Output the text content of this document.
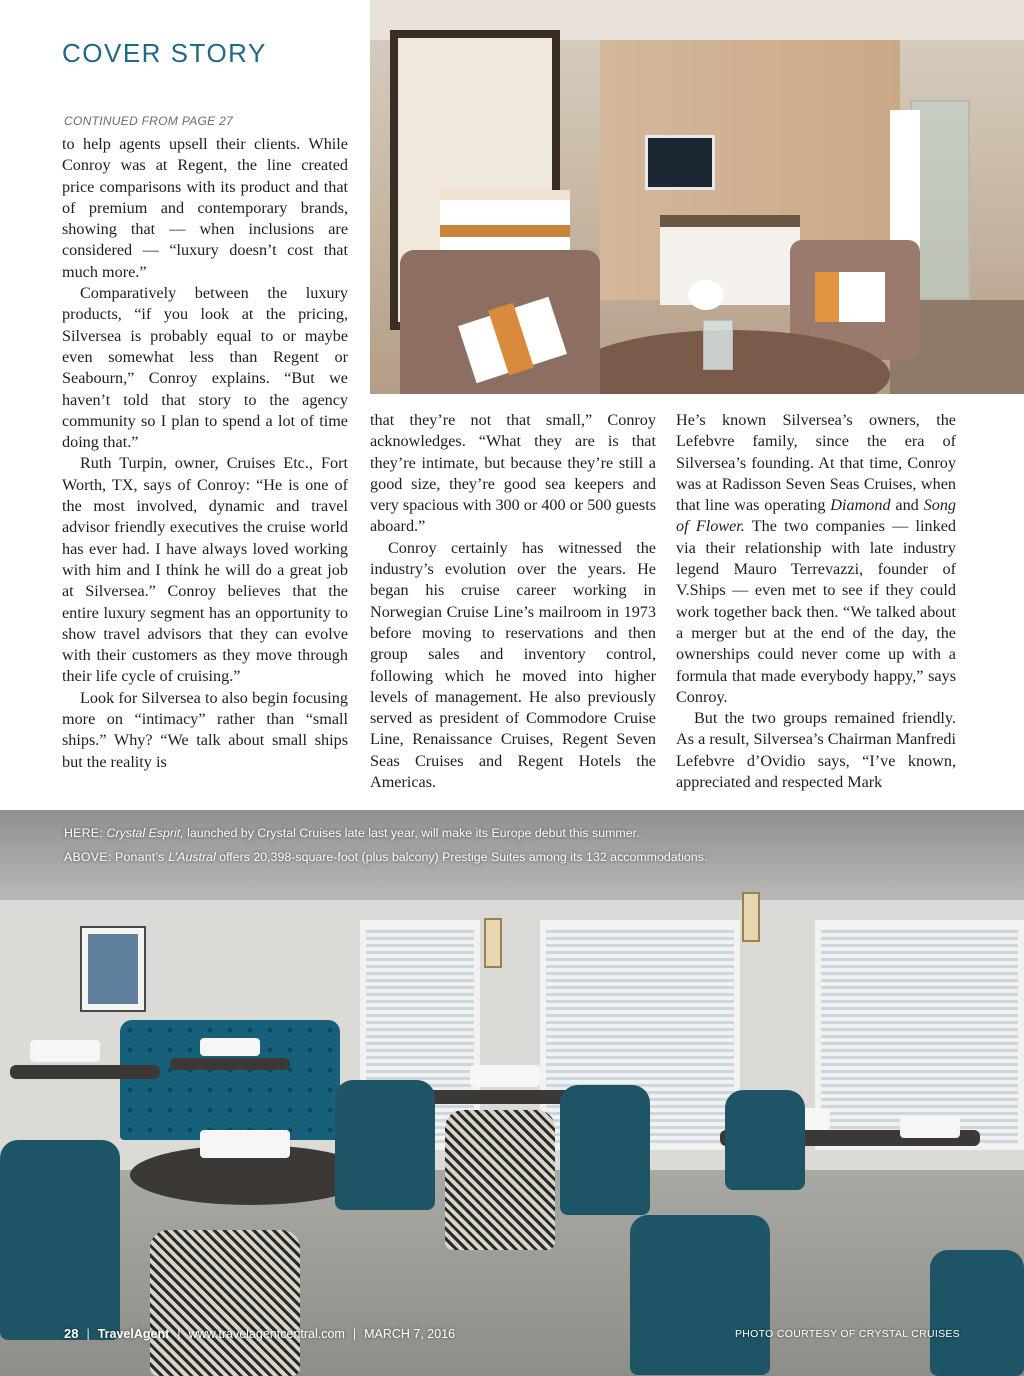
COVER STORY
CONTINUED FROM PAGE 27

to help agents upsell their clients. While Conroy was at Regent, the line created price comparisons with its product and that of premium and contemporary brands, showing that — when inclusions are considered — “luxury doesn’t cost that much more.”

Comparatively between the luxury products, “if you look at the pricing, Silversea is probably equal to or maybe even somewhat less than Regent or Seabourn,” Conroy explains. “But we haven’t told that story to the agency community so I plan to spend a lot of time doing that.”

Ruth Turpin, owner, Cruises Etc., Fort Worth, TX, says of Conroy: “He is one of the most involved, dynamic and travel advisor friendly executives the cruise world has ever had. I have always loved working with him and I think he will do a great job at Silversea.” Conroy believes that the entire luxury segment has an opportunity to show travel advisors that they can evolve with their customers as they move through their life cycle of cruising.”

Look for Silversea to also begin focusing more on “intimacy” rather than “small ships.” Why? “We talk about small ships but the reality is

that they’re not that small,” Conroy acknowledges. “What they are is that they’re intimate, but because they’re still a good size, they’re good sea keepers and very spacious with 300 or 400 or 500 guests aboard.”

Conroy certainly has witnessed the industry’s evolution over the years. He began his cruise career working in Norwegian Cruise Line’s mailroom in 1973 before moving to reservations and then group sales and inventory control, following which he moved into higher levels of management. He also previously served as president of Commodore Cruise Line, Renaissance Cruises, Regent Seven Seas Cruises and Regent Hotels the Americas.

He’s known Silversea’s owners, the Lefebvre family, since the era of Silversea’s founding. At that time, Conroy was at Radisson Seven Seas Cruises, when that line was operating Diamond and Song of Flower. The two companies — linked via their relationship with late industry legend Mauro Terrevazzi, founder of V.Ships — even met to see if they could work together back then. “We talked about a merger but at the end of the day, the ownerships could never come up with a formula that made everybody happy,” says Conroy.

But the two groups remained friendly. As a result, Silversea’s Chairman Manfredi Lefebvre d’Ovidio says, “I’ve known, appreciated and respected Mark

HERE: Crystal Esprit, launched by Crystal Cruises late last year, will make its Europe debut this summer.
ABOVE: Ponant’s L’Austral offers 20,398-square-foot (plus balcony) Prestige Suites among its 132 accommodations.
28 | TravelAgent | www.travelagentcentral.com | MARCH 7, 2016	PHOTO COURTESY OF CRYSTAL CRUISES
